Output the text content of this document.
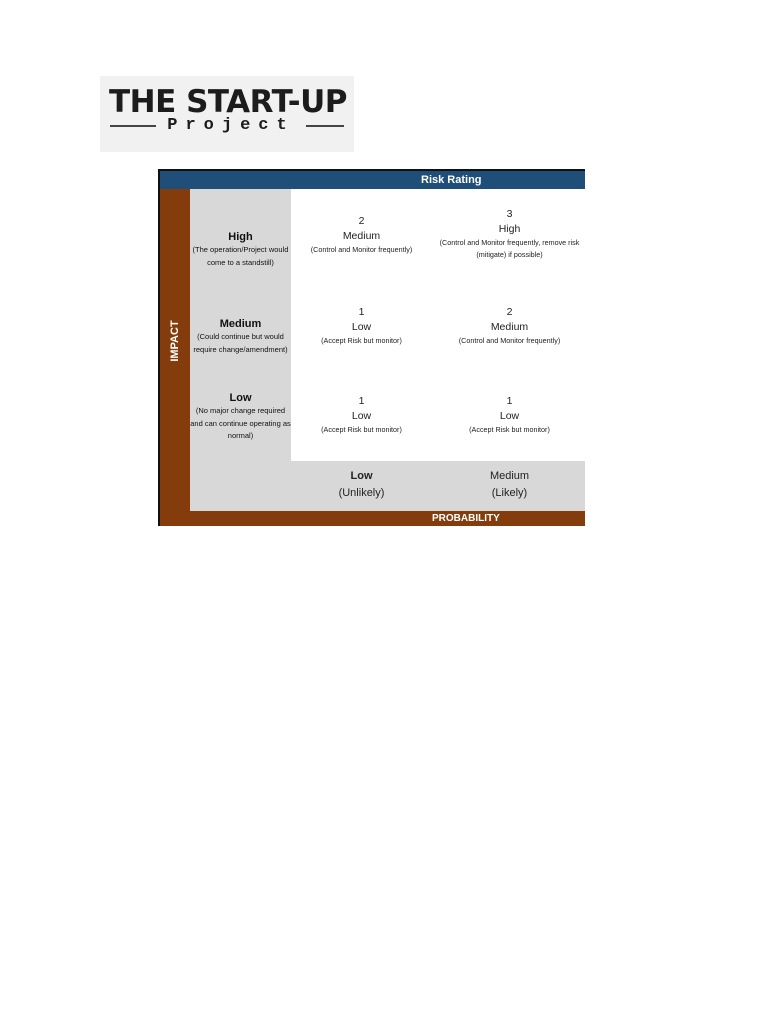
THE START-UP
Project
Risk Rating
IMPACT
High
(The operation/Project would come to a standstill)
Medium
(Could continue but would require change/amendment)
Low
(No major change required and can continue operating as normal)
2
Medium
(Control and Monitor frequently)
3
High
(Control and Monitor frequently, remove risk (mitigate) if possible)
1
Low
(Accept Risk but monitor)
2
Medium
(Control and Monitor frequently)
1
Low
(Accept Risk but monitor)
1
Low
(Accept Risk but monitor)
Low
(Unlikely)
Medium
(Likely)
PROBABILITY
